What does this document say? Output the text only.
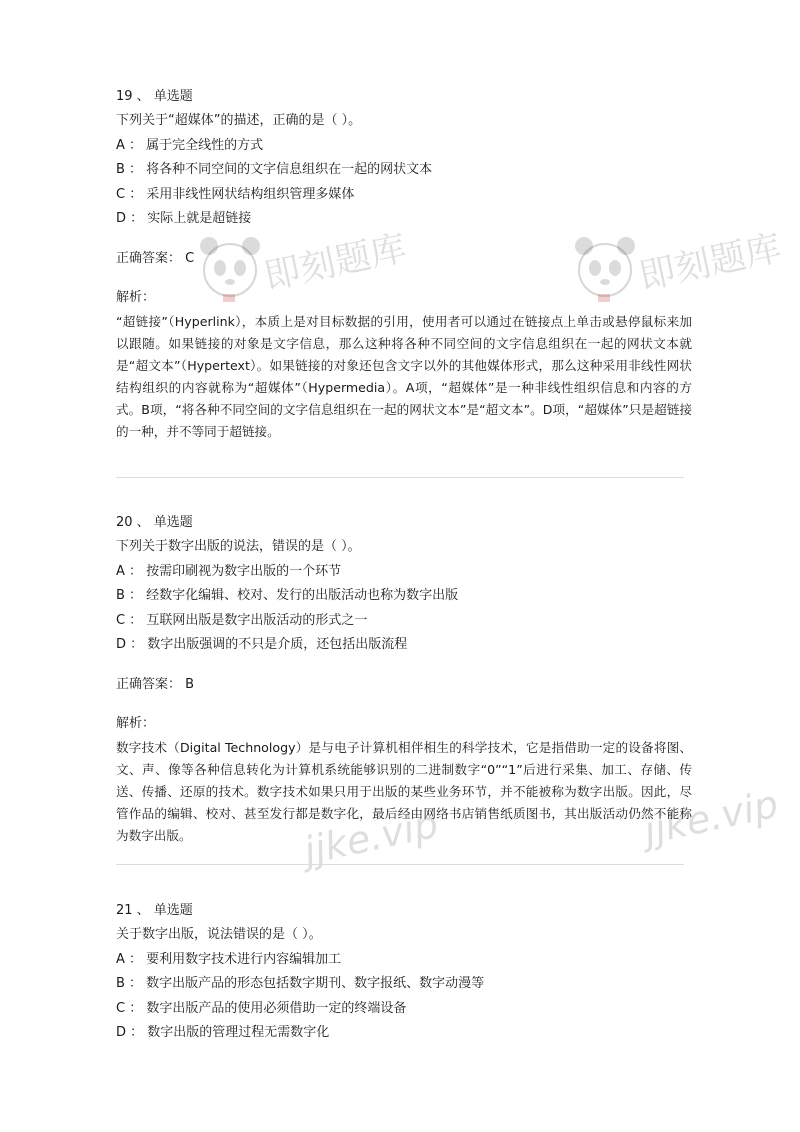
即刻题库	即刻题库
jjke.vip	jjke.vip
19 、 单选题
下列关于“超媒体”的描述，正确的是（ ）。
A ： 属于完全线性的方式
B ： 将各种不同空间的文字信息组织在一起的网状文本
C ： 采用非线性网状结构组织管理多媒体
D ： 实际上就是超链接
正确答案： C
解析：
“超链接”（Hyperlink），本质上是对目标数据的引用，使用者可以通过在链接点上单击或悬停鼠标来加以跟随。如果链接的对象是文字信息，那么这种将各种不同空间的文字信息组织在一起的网状文本就是“超文本”（Hypertext）。如果链接的对象还包含文字以外的其他媒体形式，那么这种采用非线性网状结构组织的内容就称为“超媒体”（Hypermedia）。A项，“超媒体”是一种非线性组织信息和内容的方式。B项，“将各种不同空间的文字信息组织在一起的网状文本”是“超文本”。D项，“超媒体”只是超链接的一种，并不等同于超链接。
20 、 单选题
下列关于数字出版的说法，错误的是（ ）。
A ： 按需印刷视为数字出版的一个环节
B ： 经数字化编辑、校对、发行的出版活动也称为数字出版
C ： 互联网出版是数字出版活动的形式之一
D ： 数字出版强调的不只是介质，还包括出版流程
正确答案： B
解析：
数字技术（Digital Technology）是与电子计算机相伴相生的科学技术，它是指借助一定的设备将图、文、声、像等各种信息转化为计算机系统能够识别的二进制数字“0”“1”后进行采集、加工、存储、传送、传播、还原的技术。数字技术如果只用于出版的某些业务环节，并不能被称为数字出版。因此，尽管作品的编辑、校对、甚至发行都是数字化，最后经由网络书店销售纸质图书，其出版活动仍然不能称为数字出版。
21 、 单选题
关于数字出版，说法错误的是（ ）。
A ： 要利用数字技术进行内容编辑加工
B ： 数字出版产品的形态包括数字期刊、数字报纸、数字动漫等
C ： 数字出版产品的使用必须借助一定的终端设备
D ： 数字出版的管理过程无需数字化
